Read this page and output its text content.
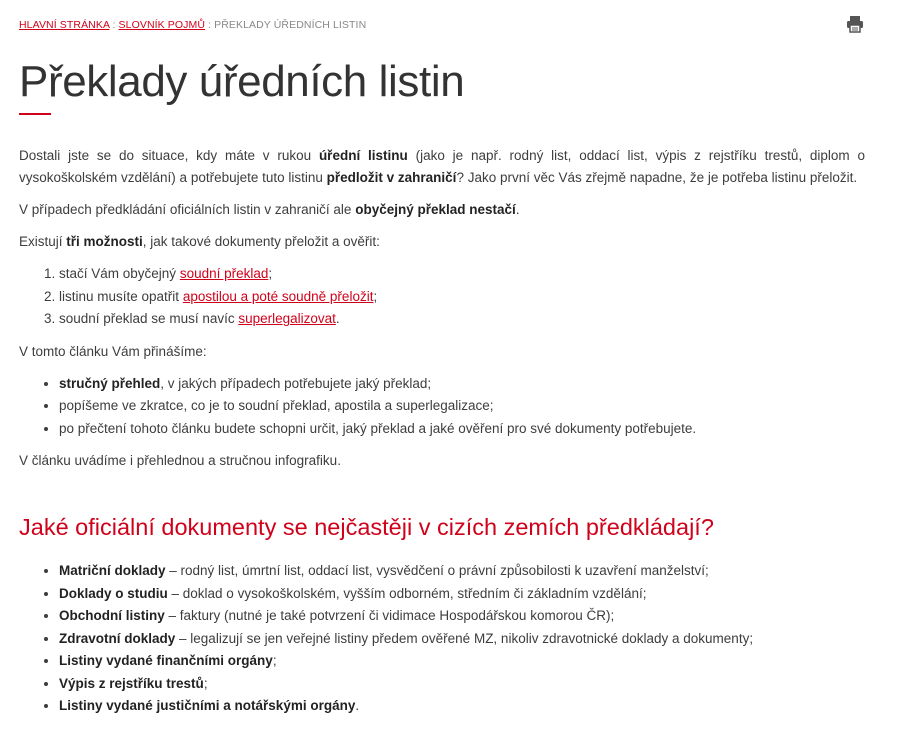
HLAVNÍ STRÁNKA : SLOVNÍK POJMŮ : PŘEKLADY ÚŘEDNÍCH LISTIN
Překlady úředních listin

Dostali jste se do situace, kdy máte v rukou úřední listinu (jako je např. rodný list, oddací list, výpis z rejstříku trestů, diplom o vysokoškolském vzdělání) a potřebujete tuto listinu předložit v zahraničí? Jako první věc Vás zřejmě napadne, že je potřeba listinu přeložit.

V případech předkládání oficiálních listin v zahraničí ale obyčejný překlad nestačí.

Existují tři možnosti, jak takové dokumenty přeložit a ověřit:

1. stačí Vám obyčejný soudní překlad;
2. listinu musíte opatřit apostilou a poté soudně přeložit;
3. soudní překlad se musí navíc superlegalizovat.

V tomto článku Vám přinášíme:

• stručný přehled, v jakých případech potřebujete jaký překlad;
• popíšeme ve zkratce, co je to soudní překlad, apostila a superlegalizace;
• po přečtení tohoto článku budete schopni určit, jaký překlad a jaké ověření pro své dokumenty potřebujete.

V článku uvádíme i přehlednou a stručnou infografiku.

Jaké oficiální dokumenty se nejčastěji v cizích zemích předkládají?
• Matriční doklady – rodný list, úmrtní list, oddací list, vysvědčení o právní způsobilosti k uzavření manželství;
• Doklady o studiu – doklad o vysokoškolském, vyšším odborném, středním či základním vzdělání;
• Obchodní listiny – faktury (nutné je také potvrzení či vidimace Hospodářskou komorou ČR);
• Zdravotní doklady – legalizují se jen veřejné listiny předem ověřené MZ, nikoliv zdravotnické doklady a dokumenty;
• Listiny vydané finančními orgány;
• Výpis z rejstříku trestů;
• Listiny vydané justičními a notářskými orgány.
